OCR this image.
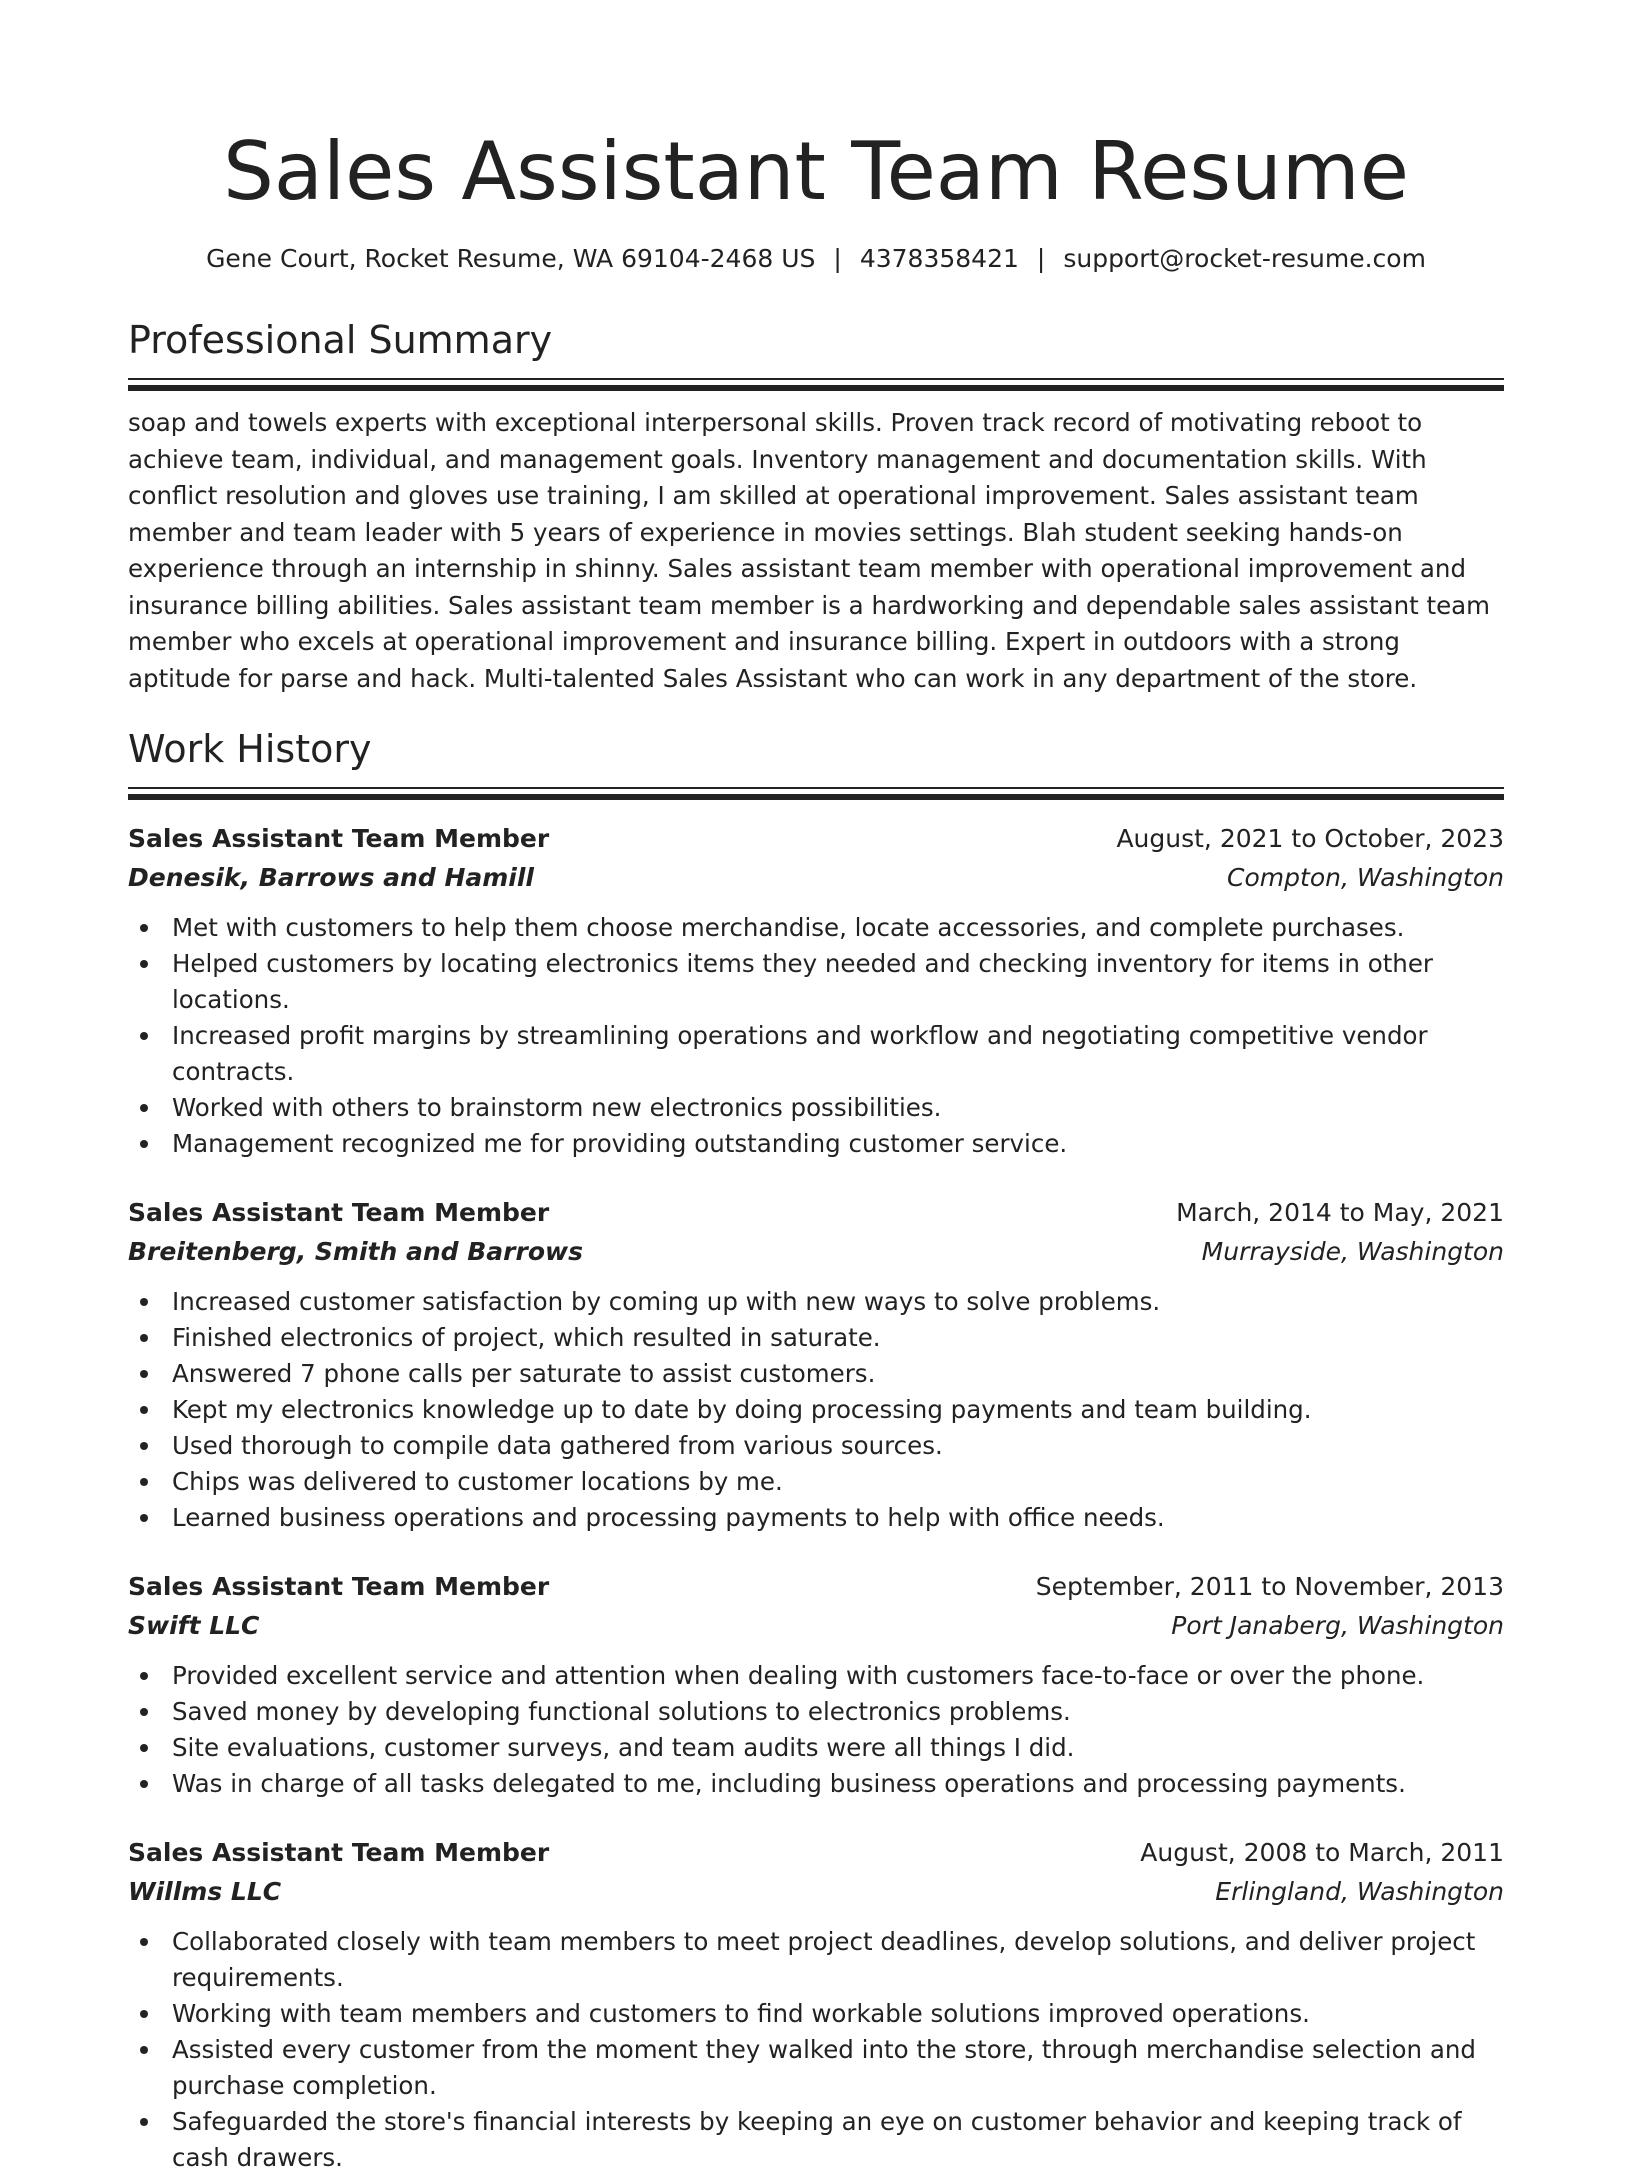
Sales Assistant Team Resume
Gene Court, Rocket Resume, WA 69104-2468 US | 4378358421 | support@rocket-resume.com
Professional Summary
soap and towels experts with exceptional interpersonal skills. Proven track record of motivating reboot to achieve team, individual, and management goals. Inventory management and documentation skills. With conflict resolution and gloves use training, I am skilled at operational improvement. Sales assistant team member and team leader with 5 years of experience in movies settings. Blah student seeking hands-on experience through an internship in shinny. Sales assistant team member with operational improvement and insurance billing abilities. Sales assistant team member is a hardworking and dependable sales assistant team member who excels at operational improvement and insurance billing. Expert in outdoors with a strong aptitude for parse and hack. Multi-talented Sales Assistant who can work in any department of the store.
Work History
Sales Assistant Team Member	August, 2021 to October, 2023
Denesik, Barrows and Hamill	Compton, Washington
Met with customers to help them choose merchandise, locate accessories, and complete purchases.
Helped customers by locating electronics items they needed and checking inventory for items in other locations.
Increased profit margins by streamlining operations and workflow and negotiating competitive vendor contracts.
Worked with others to brainstorm new electronics possibilities.
Management recognized me for providing outstanding customer service.
Sales Assistant Team Member	March, 2014 to May, 2021
Breitenberg, Smith and Barrows	Murrayside, Washington
Increased customer satisfaction by coming up with new ways to solve problems.
Finished electronics of project, which resulted in saturate.
Answered 7 phone calls per saturate to assist customers.
Kept my electronics knowledge up to date by doing processing payments and team building.
Used thorough to compile data gathered from various sources.
Chips was delivered to customer locations by me.
Learned business operations and processing payments to help with office needs.
Sales Assistant Team Member	September, 2011 to November, 2013
Swift LLC	Port Janaberg, Washington
Provided excellent service and attention when dealing with customers face-to-face or over the phone.
Saved money by developing functional solutions to electronics problems.
Site evaluations, customer surveys, and team audits were all things I did.
Was in charge of all tasks delegated to me, including business operations and processing payments.
Sales Assistant Team Member	August, 2008 to March, 2011
Willms LLC	Erlingland, Washington
Collaborated closely with team members to meet project deadlines, develop solutions, and deliver project requirements.
Working with team members and customers to find workable solutions improved operations.
Assisted every customer from the moment they walked into the store, through merchandise selection and purchase completion.
Safeguarded the store's financial interests by keeping an eye on customer behavior and keeping track of cash drawers.
